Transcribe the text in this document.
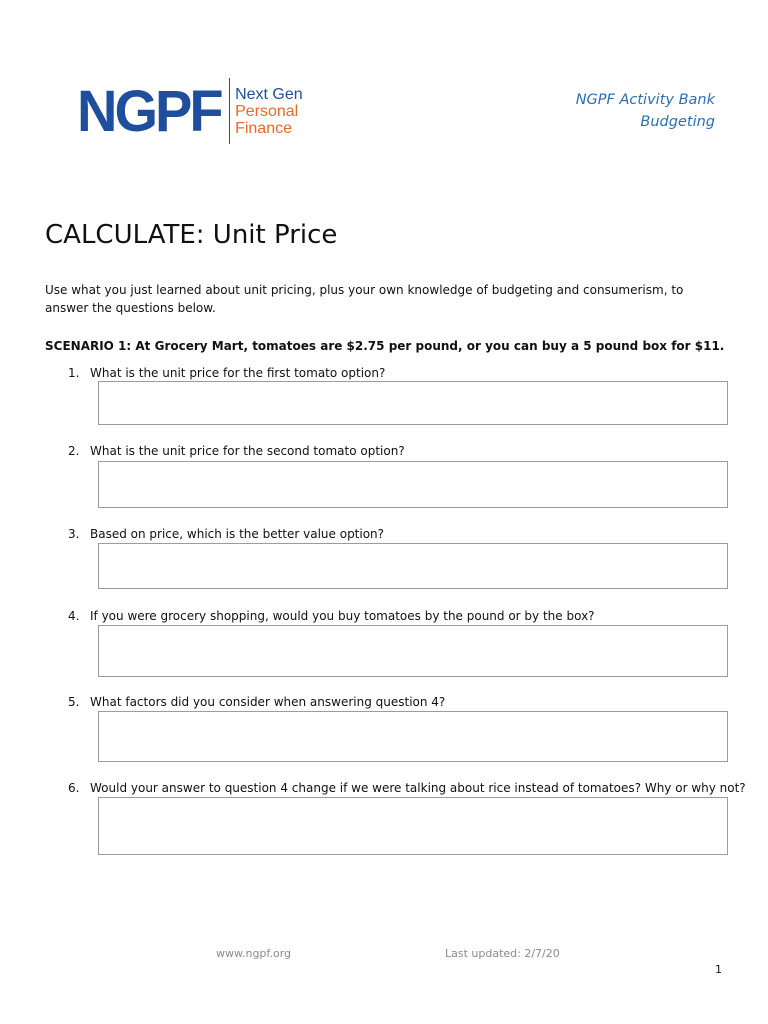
NGPF Next Gen
Personal
Finance
NGPF Activity Bank
Budgeting
CALCULATE: Unit Price

Use what you just learned about unit pricing, plus your own knowledge of budgeting and consumerism, to answer the questions below.

SCENARIO 1: At Grocery Mart, tomatoes are $2.75 per pound, or you can buy a 5 pound box for $11.

1. What is the unit price for the first tomato option?
2. What is the unit price for the second tomato option?
3. Based on price, which is the better value option?
4. If you were grocery shopping, would you buy tomatoes by the pound or by the box?
5. What factors did you consider when answering question 4?
6. Would your answer to question 4 change if we were talking about rice instead of tomatoes? Why or why not?
www.ngpf.org	Last updated: 2/7/20
1
